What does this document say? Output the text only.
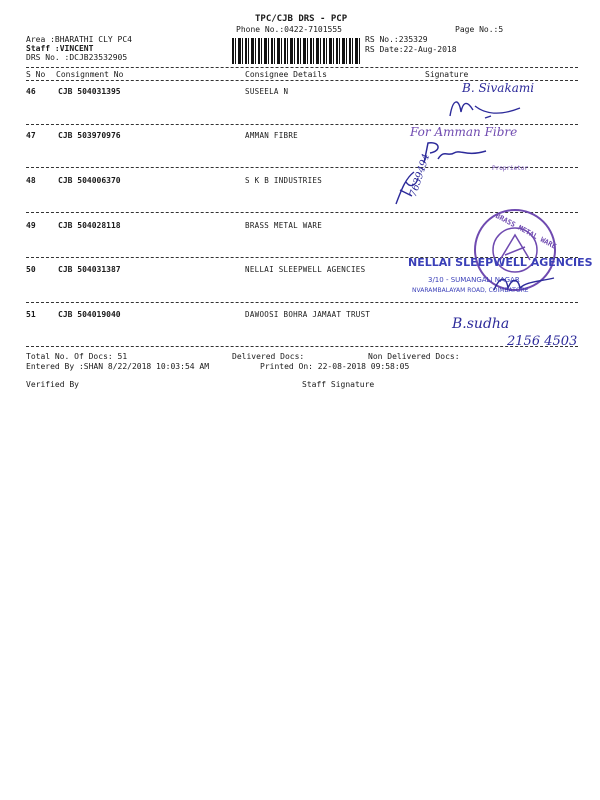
TPC/CJB DRS - PCP
Phone No.:0422-7101555	Page No.:5
Area :BHARATHI CLY PC4
Staff :VINCENT
DRS No. :DCJB23532905
RS No.:235329
RS Date:22-Aug-2018
S No Consignment No	Consignee Details	Signature
46	CJB 504031395	SUSEELA N
47	CJB 503970976	AMMAN FIBRE
48	CJB 504006370	S K B INDUSTRIES
49	CJB 504028118	BRASS METAL WARE
50	CJB 504031387	NELLAI SLEEPWELL AGENCIES
51	CJB 504019040	DAWOOSI BOHRA JAMAAT TRUST
B. Sivakami
For Amman Fibre
Proprietor
7639494
BRASS METAL WARE
NELLAI SLEEPWELL AGENCIES
3/10 - SUMANGALI NAGAR
NVARAMBALAYAM ROAD, COIMBATORE
B.sudha
2156 4503
Total No. Of Docs: 51	Delivered Docs:	Non Delivered Docs:
Entered By :SHAN 8/22/2018 10:03:54 AM	Printed On: 22-08-2018 09:58:05
Verified By	Staff Signature
